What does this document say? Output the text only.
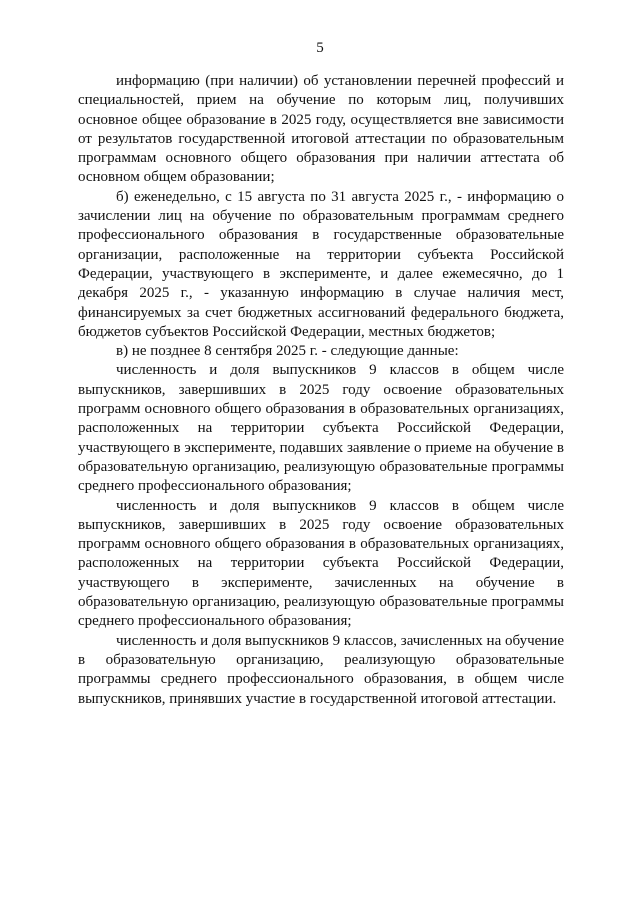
5

информацию (при наличии) об установлении перечней профессий и специальностей, прием на обучение по которым лиц, получивших основное общее образование в 2025 году, осуществляется вне зависимости от результатов государственной итоговой аттестации по образовательным программам основного общего образования при наличии аттестата об основном общем образовании;

б) еженедельно, с 15 августа по 31 августа 2025 г., - информацию о зачислении лиц на обучение по образовательным программам среднего профессионального образования в государственные образовательные организации, расположенные на территории субъекта Российской Федерации, участвующего в эксперименте, и далее ежемесячно, до 1 декабря 2025 г., - указанную информацию в случае наличия мест, финансируемых за счет бюджетных ассигнований федерального бюджета, бюджетов субъектов Российской Федерации, местных бюджетов;

в) не позднее 8 сентября 2025 г. - следующие данные:

численность и доля выпускников 9 классов в общем числе выпускников, завершивших в 2025 году освоение образовательных программ основного общего образования в образовательных организациях, расположенных на территории субъекта Российской Федерации, участвующего в эксперименте, подавших заявление о приеме на обучение в образовательную организацию, реализующую образовательные программы среднего профессионального образования;

численность и доля выпускников 9 классов в общем числе выпускников, завершивших в 2025 году освоение образовательных программ основного общего образования в образовательных организациях, расположенных на территории субъекта Российской Федерации, участвующего в эксперименте, зачисленных на обучение в образовательную организацию, реализующую образовательные программы среднего профессионального образования;

численность и доля выпускников 9 классов, зачисленных на обучение в образовательную организацию, реализующую образовательные программы среднего профессионального образования, в общем числе выпускников, принявших участие в государственной итоговой аттестации.
